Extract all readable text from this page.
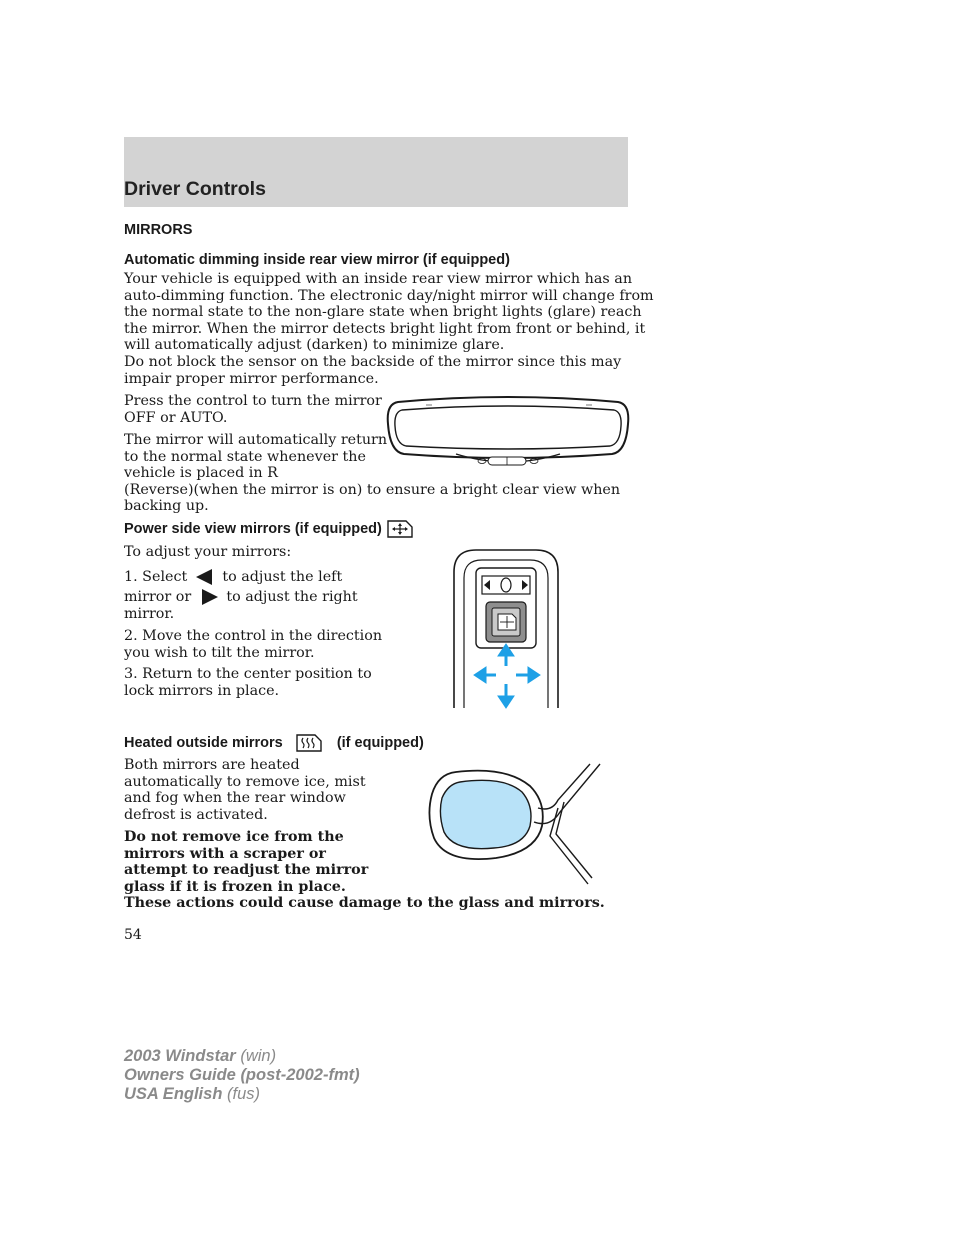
Driver Controls
MIRRORS
Automatic dimming inside rear view mirror (if equipped)
Your vehicle is equipped with an inside rear view mirror which has an
auto-dimming function. The electronic day/night mirror will change from
the normal state to the non-glare state when bright lights (glare) reach
the mirror. When the mirror detects bright light from front or behind, it
will automatically adjust (darken) to minimize glare.
Do not block the sensor on the backside of the mirror since this may
impair proper mirror performance.
Press the control to turn the mirror
OFF or AUTO.
The mirror will automatically return
to the normal state whenever the
vehicle is placed in R
(Reverse)(when the mirror is on) to ensure a bright clear view when
backing up.
Power side view mirrors (if equipped)
To adjust your mirrors:
1. Select to adjust the left
mirror or to adjust the right
mirror.
2. Move the control in the direction
you wish to tilt the mirror.
3. Return to the center position to
lock mirrors in place.
Heated outside mirrors	(if equipped)
Both mirrors are heated
automatically to remove ice, mist
and fog when the rear window
defrost is activated.
Do not remove ice from the
mirrors with a scraper or
attempt to readjust the mirror
glass if it is frozen in place.
These actions could cause damage to the glass and mirrors.
54
2003 Windstar (win)
Owners Guide (post-2002-fmt)
USA English (fus)
